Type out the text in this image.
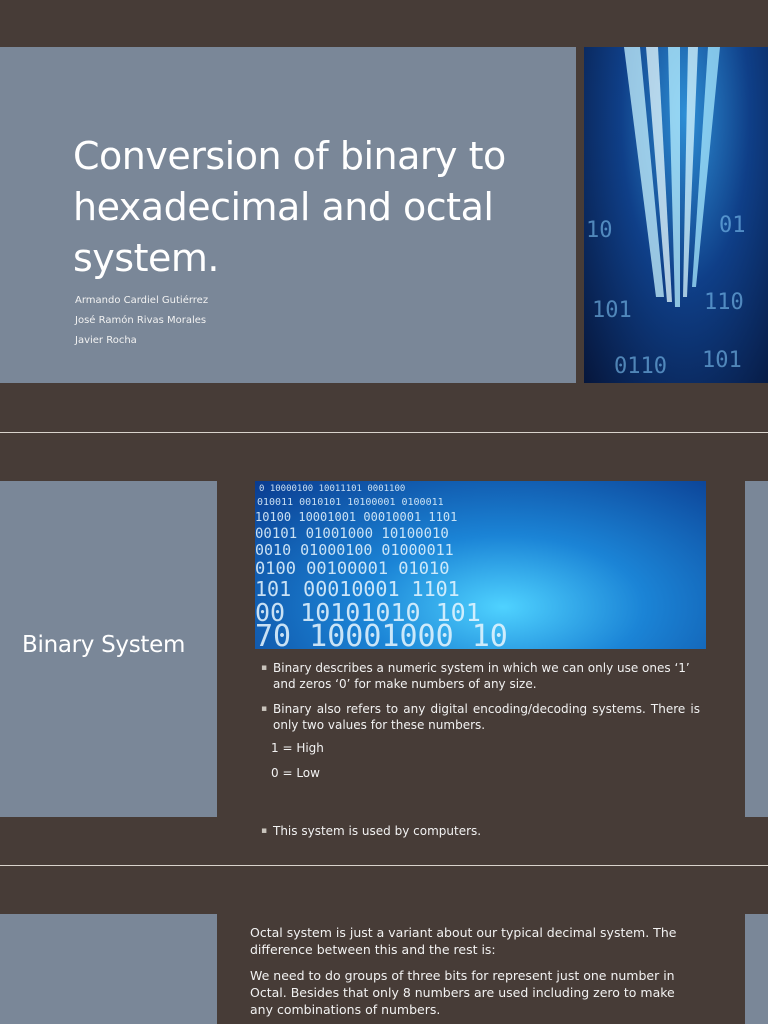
Conversion of binary to hexadecimal and octal system.
Armando Cardiel Gutiérrez
José Ramón Rivas Morales
Javier Rocha
10	01
101	110
0110 101
Binary System
0 10000100 10011101 0001100
010011 0010101 10100001 0100011
10100 10001001 00010001 1101
00101 01001000 10100010
0010 01000100 01000011
0100 00100001 01010
101 00010001 1101
00 10101010 101
70 10001000 10
▪ Binary describes a numeric system in which we can only use ones ‘1’ and zeros ‘0’ for make numbers of any size.
▪ Binary also refers to any digital encoding/decoding systems. There is only two values for these numbers.
1 = High
0 = Low
▪ This system is used by computers.

Octal system is just a variant about our typical decimal system. The difference between this and the rest is:

We need to do groups of three bits for represent just one number in Octal. Besides that only 8 numbers are used including zero to make any combinations of numbers.
